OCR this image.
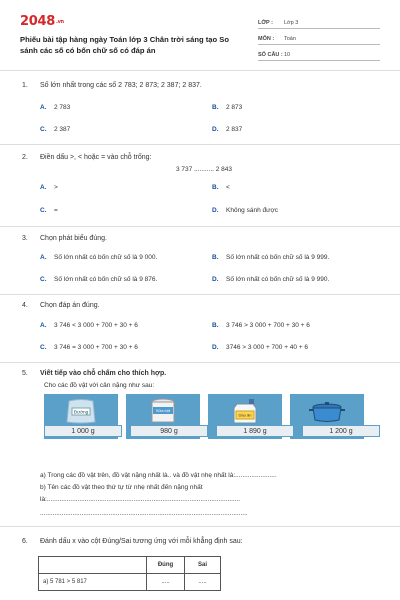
2048.vn
Phiếu bài tập hàng ngày Toán lớp 3 Chân trời sáng tạo So sánh các số có bốn chữ số có đáp án
LỚP :	Lớp 3
MÔN :	Toán
SỐ CÂU : 10
1. Số lớn nhất trong các số 2 783; 2 873; 2 387; 2 837.
A. 2 783	B. 2 873
C. 2 387	D. 2 837
2. Điền dấu >, < hoặc = vào chỗ trống:
3 737 ........... 2 843
A. >	B. <
C. =	D. Không sánh được
3. Chọn phát biểu đúng.
A. Số lớn nhất có bốn chữ số là 9 000.	B. Số lớn nhất có bốn chữ số là 9 999.
C. Số lớn nhất có bốn chữ số là 9 876.	D. Số lớn nhất có bốn chữ số là 9 990.
4. Chọn đáp án đúng.
A. 3 746 < 3 000 + 700 + 30 + 6	B. 3 746 > 3 000 + 700 + 30 + 6
C. 3 746 = 3 000 + 700 + 30 + 6	D. 3746 > 3 000 + 700 + 40 + 6
5. Viết tiếp vào chỗ chấm cho thích hợp.
Cho các đồ vật với cân nặng như sau:
Đường	Sữa bột
Dầu ăn
1 000 g	980 g	1 890 g	1 200 g
a) Trong các đồ vật trên, đồ vật nặng nhất là.. và đồ vật nhẹ nhất là:.......................
b) Tên các đồ vật theo thứ tự từ nhẹ nhất đến nặng nhất
là:...........................................................................................................
...................................................................................................................
6. Đánh dấu x vào cột Đúng/Sai tương ứng với mỗi khẳng định sau:
	Đúng	Sai
a) 5 781 > 5 817	.....	.....
